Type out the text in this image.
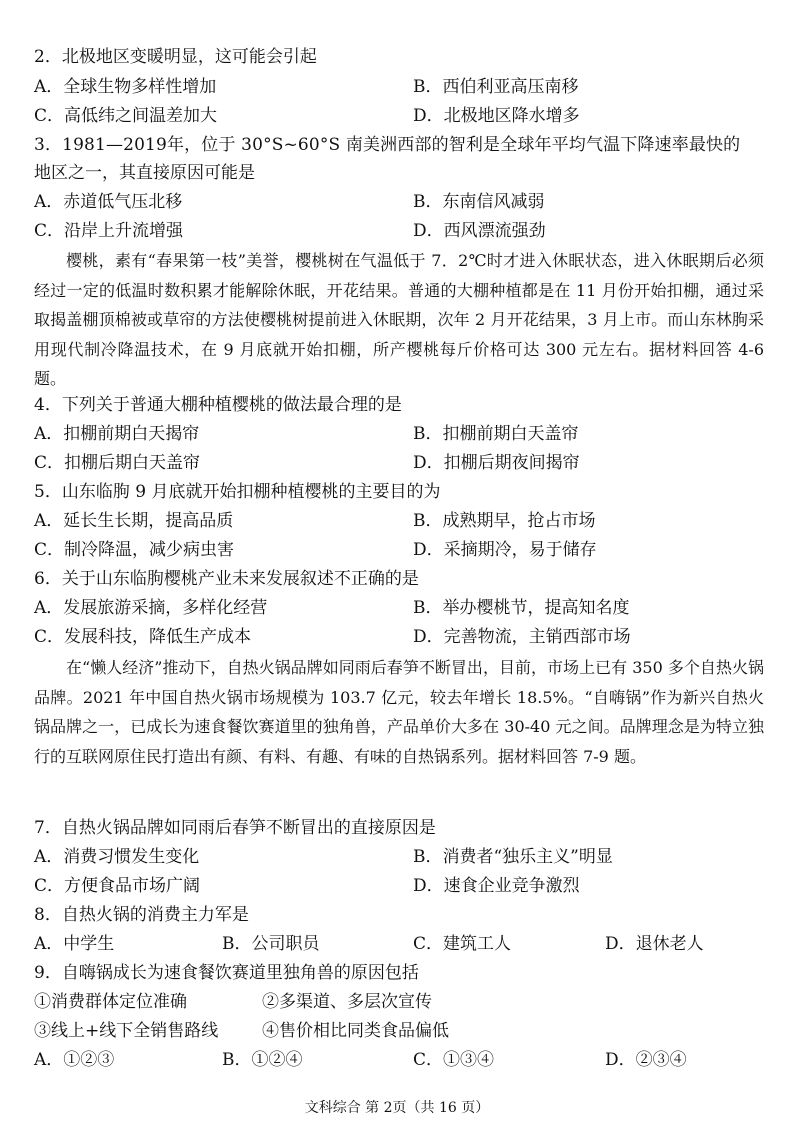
2．北极地区变暖明显，这可能会引起
A．全球生物多样性增加	B．西伯利亚高压南移
C．高低纬之间温差加大	D．北极地区降水增多
3．1981—2019年，位于 30°S~60°S 南美洲西部的智利是全球年平均气温下降速率最快的
地区之一，其直接原因可能是
A．赤道低气压北移	B．东南信风减弱
C．沿岸上升流增强	D．西风漂流强劲

樱桃，素有“春果第一枝”美誉，樱桃树在气温低于 7．2℃时才进入休眠状态，进入休眠期后必须经过一定的低温时数积累才能解除休眠，开花结果。普通的大棚种植都是在 11 月份开始扣棚，通过采取揭盖棚顶棉被或草帘的方法使樱桃树提前进入休眠期，次年 2 月开花结果，3 月上市。而山东林朐采用现代制冷降温技术，在 9 月底就开始扣棚，所产樱桃每斤价格可达 300 元左右。据材料回答 4-6 题。

4．下列关于普通大棚种植樱桃的做法最合理的是
A．扣棚前期白天揭帘	B．扣棚前期白天盖帘
C．扣棚后期白天盖帘	D．扣棚后期夜间揭帘
5．山东临朐 9 月底就开始扣棚种植樱桃的主要目的为
A．延长生长期，提高品质	B．成熟期早，抢占市场
C．制冷降温，减少病虫害	D．采摘期冷，易于储存
6．关于山东临朐樱桃产业未来发展叙述不正确的是
A．发展旅游采摘，多样化经营	B．举办樱桃节，提高知名度
C．发展科技，降低生产成本	D．完善物流，主销西部市场

在“懒人经济”推动下，自热火锅品牌如同雨后春笋不断冒出，目前，市场上已有 350 多个自热火锅品牌。2021 年中国自热火锅市场规模为 103.7 亿元，较去年增长 18.5%。“自嗨锅”作为新兴自热火锅品牌之一，已成长为速食餐饮赛道里的独角兽，产品单价大多在 30-40 元之间。品牌理念是为特立独行的互联网原住民打造出有颜、有料、有趣、有味的自热锅系列。据材料回答 7-9 题。

7．自热火锅品牌如同雨后春笋不断冒出的直接原因是
A．消费习惯发生变化	B．消费者“独乐主义”明显
C．方便食品市场广阔	D．速食企业竞争激烈
8．自热火锅的消费主力军是
A．中学生	B．公司职员	C．建筑工人	D．退休老人
9．自嗨锅成长为速食餐饮赛道里独角兽的原因包括
①消费群体定位准确	②多渠道、多层次宣传
③线上+线下全销售路线	④售价相比同类食品偏低
A．①②③	B．①②④	C．①③④	D．②③④
文科综合 第 2页（共 16 页）
